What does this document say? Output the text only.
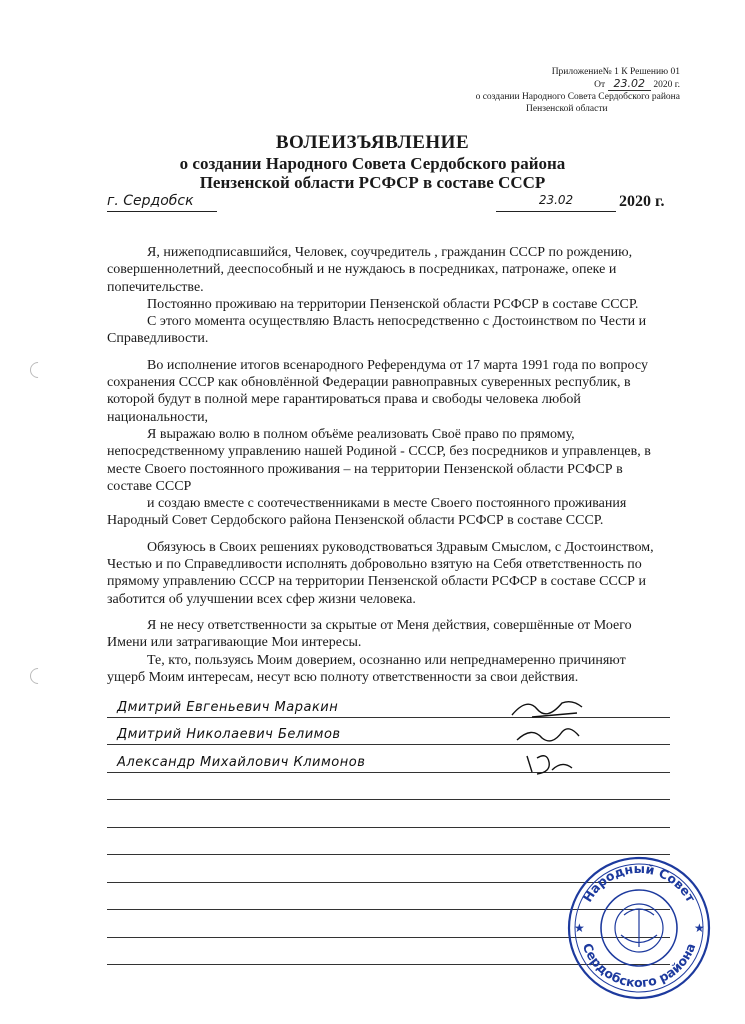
Приложение№ 1 К Решению 01
От 23.02 2020 г.
о создании Народного Совета Сердобского района
Пензенской области
ВОЛЕИЗЪЯВЛЕНИЕ
о создании Народного Совета Сердобского района
Пензенской области РСФСР в составе СССР
г. Сердобск	23.02	2020 г.

Я, нижеподписавшийся, Человек, соучредитель , гражданин СССР по рождению, совершеннолетний, дееспособный и не нуждаюсь в посредниках, патронаже, опеке и попечительстве.

Постоянно проживаю на территории Пензенской области РСФСР в составе СССР.

С этого момента осуществляю Власть непосредственно с Достоинством по Чести и Справедливости.

Во исполнение итогов всенародного Референдума от 17 марта 1991 года по вопросу сохранения СССР как обновлённой Федерации равноправных суверенных республик, в которой будут в полной мере гарантироваться права и свободы человека любой национальности,

Я выражаю волю в полном объёме реализовать Своё право по прямому, непосредственному управлению нашей Родиной - СССР, без посредников и управленцев, в месте Своего постоянного проживания – на территории Пензенской области РСФСР в составе СССР

и создаю вместе с соотечественниками в месте Своего постоянного проживания Народный Совет Сердобского района Пензенской области РСФСР в составе СССР.

Обязуюсь в Своих решениях руководствоваться Здравым Смыслом, с Достоинством, Честью и по Справедливости исполнять добровольно взятую на Себя ответственность по прямому управлению СССР на территории Пензенской области РСФСР в составе СССР и заботится об улучшении всех сфер жизни человека.

Я не несу ответственности за скрытые от Меня действия, совершённые от Моего Имени или затрагивающие Мои интересы.

Те, кто, пользуясь Моим доверием, осознанно или непреднамеренно причиняют ущерб Моим интересам, несут всю полноту ответственности за свои действия.

Дмитрий Евгеньевич Маракин
Дмитрий Николаевич Белимов
Александр Михайлович Климонов
Народный Совет
Сердобского района
★	★
